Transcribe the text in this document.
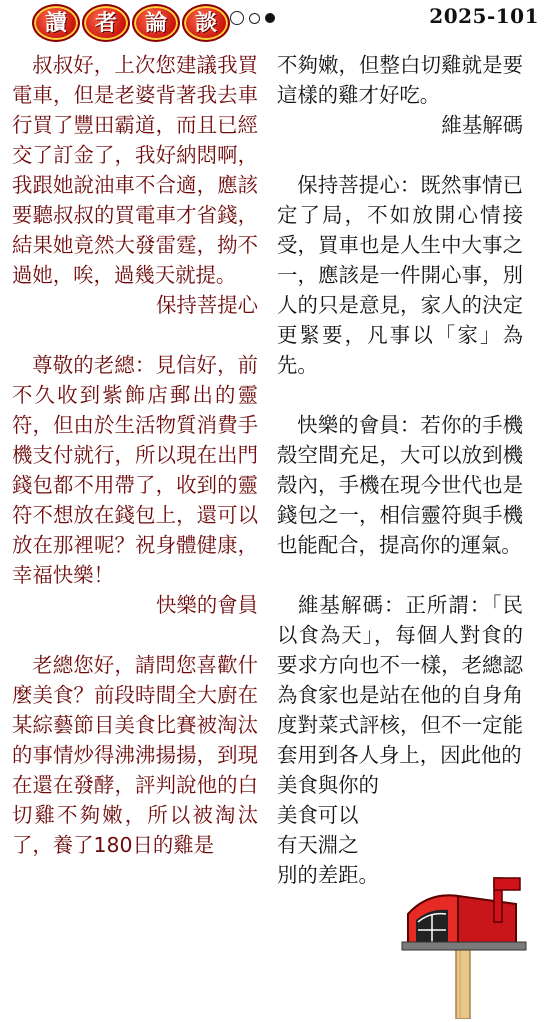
讀	者	論	談	2025-101

叔叔好，上次您建議我買電車，但是老婆背著我去車行買了豐田霸道，而且已經交了訂金了，我好納悶啊，我跟她說油車不合適，應該要聽叔叔的買電車才省錢，結果她竟然大發雷霆，拗不過她，唉，過幾天就提。

保持菩提心

尊敬的老總：見信好，前不久收到紫飾店郵出的靈符，但由於生活物質消費手機支付就行，所以現在出門錢包都不用帶了，收到的靈符不想放在錢包上，還可以放在那裡呢？祝身體健康，幸福快樂！

快樂的會員

老總您好，請問您喜歡什麼美食？前段時間全大廚在某綜藝節目美食比賽被淘汰的事情炒得沸沸揚揚，到現在還在發酵，評判說他的白切雞不夠嫩，所以被淘汰了，養了180日的雞是

不夠嫩，但整白切雞就是要這樣的雞才好吃。

維基解碼

保持菩提心：既然事情已定了局，不如放開心情接受，買車也是人生中大事之一，應該是一件開心事，別人的只是意見，家人的決定更緊要，凡事以「家」為先。

快樂的會員：若你的手機殼空間充足，大可以放到機殼內，手機在現今世代也是錢包之一，相信靈符與手機也能配合，提高你的運氣。

維基解碼：正所謂：「民以食為天」，每個人對食的要求方向也不一樣，老總認為食家也是站在他的自身角度對菜式評核，但不一定能套用到各人身上，因此他的

美食與你的

美食可以

有天淵之

別的差距。
